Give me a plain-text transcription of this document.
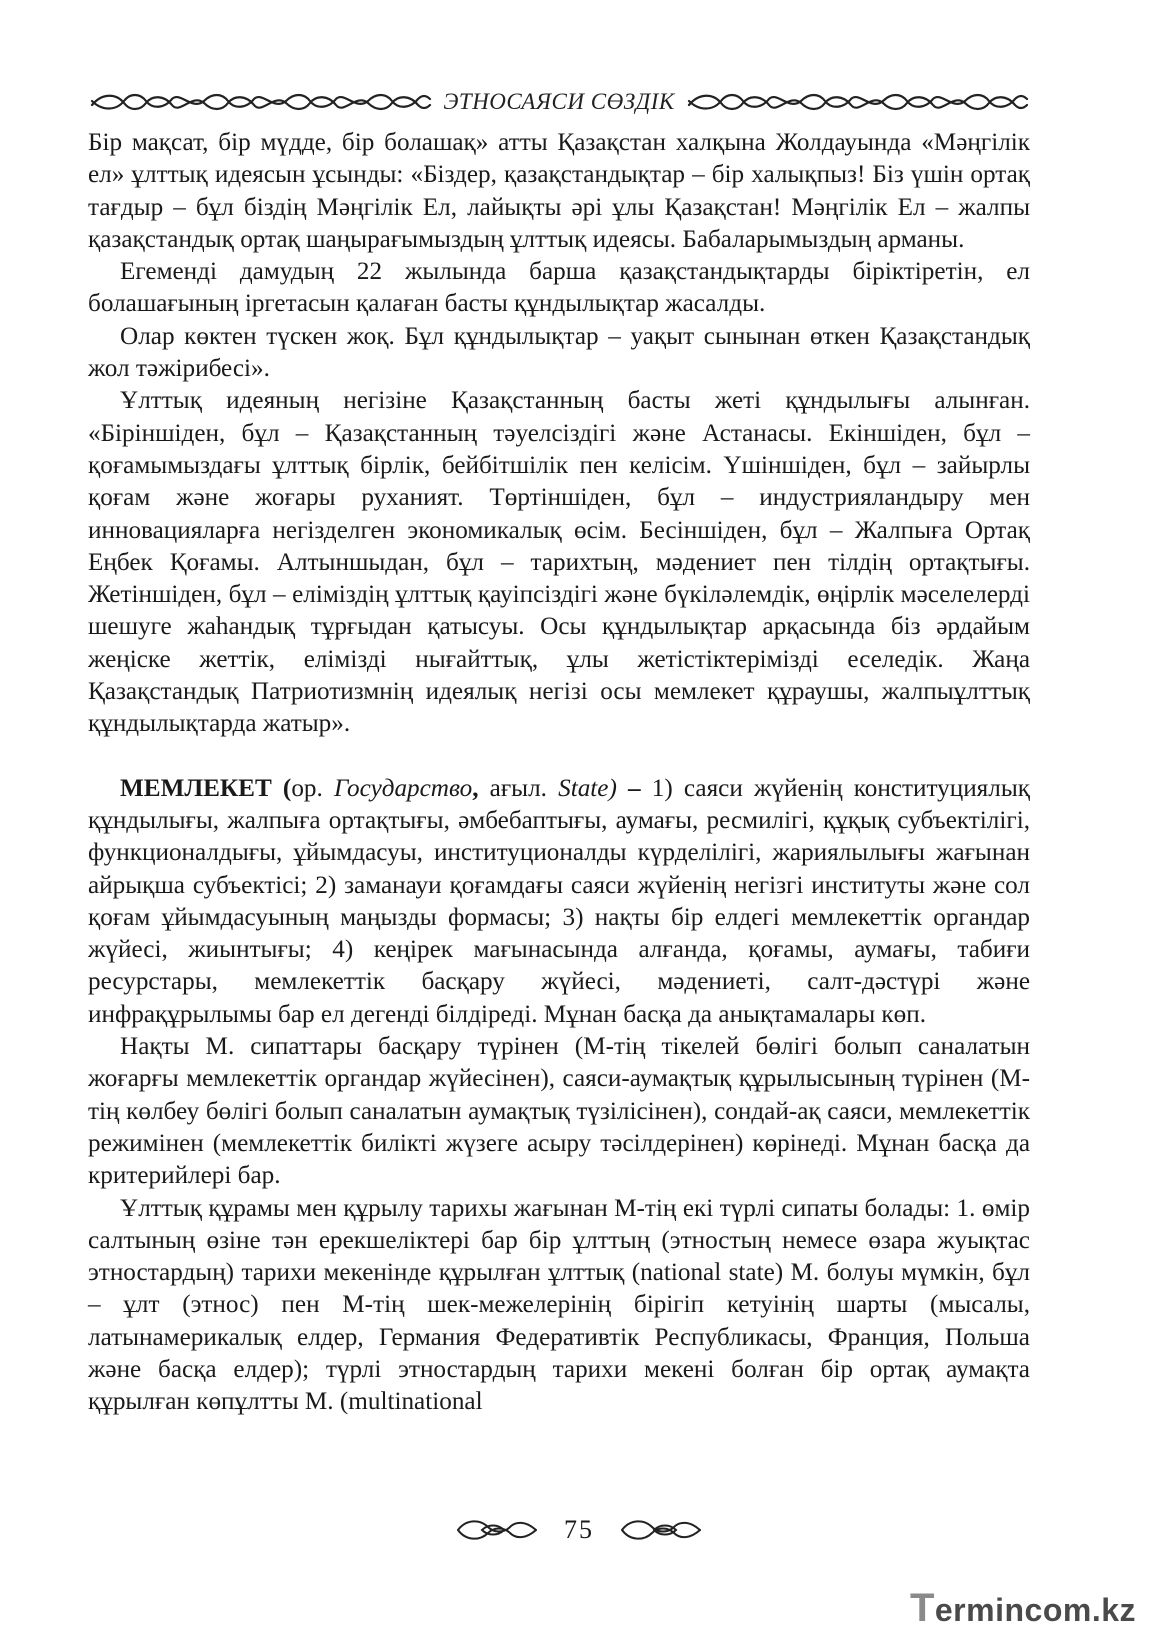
ЭТНОСАЯСИ СӨЗДІК

Бір мақсат, бір мүдде, бір болашақ» атты Қазақстан халқына Жолдауында «Мәңгілік ел» ұлттық идеясын ұсынды: «Біздер, қазақстандықтар – бір халықпыз! Біз үшін ортақ тағдыр – бұл біздің Мәңгілік Ел, лайықты әрі ұлы Қазақстан! Мәңгілік Ел – жалпы қазақстандық ортақ шаңырағымыздың ұлттық идеясы. Бабаларымыздың арманы.

Егеменді дамудың 22 жылында барша қазақстандықтарды біріктіретін, ел болашағының іргетасын қалаған басты құндылықтар жасалды.

Олар көктен түскен жоқ. Бұл құндылықтар – уақыт сынынан өткен Қазақстандық жол тәжірибесі».

Ұлттық идеяның негізіне Қазақстанның басты жеті құндылығы алынған. «Біріншіден, бұл – Қазақстанның тәуелсіздігі және Астанасы. Екіншіден, бұл – қоғамымыздағы ұлттық бірлік, бейбітшілік пен келісім. Үшіншіден, бұл – зайырлы қоғам және жоғары руханият. Төртіншіден, бұл – индустрияландыру мен инновацияларға негізделген экономикалық өсім. Бесіншіден, бұл – Жалпыға Ортақ Еңбек Қоғамы. Алтыншыдан, бұл – тарихтың, мәдениет пен тілдің ортақтығы. Жетіншіден, бұл – еліміздің ұлттық қауіпсіздігі және бүкіләлемдік, өңірлік мәселелерді шешуге жаһандық тұрғыдан қатысуы. Осы құндылықтар арқасында біз әрдайым жеңіске жеттік, елімізді нығайттық, ұлы жетістіктерімізді еселедік. Жаңа Қазақстандық Патриотизмнің идеялық негізі осы мемлекет құраушы, жалпыұлттық құндылықтарда жатыр».

МЕМЛЕКЕТ (ор. Государство, ағыл. State) – 1) саяси жүйенің конституциялық құндылығы, жалпыға ортақтығы, әмбебаптығы, аумағы, ресмилігі, құқық субъектілігі, функционалдығы, ұйымдасуы, институционалды күрделілігі, жариялылығы жағынан айрықша субъектісі; 2) заманауи қоғамдағы саяси жүйенің негізгі институты және сол қоғам ұйымдасуының маңызды формасы; 3) нақты бір елдегі мемлекеттік органдар жүйесі, жиынтығы; 4) кеңірек мағынасында алғанда, қоғамы, аумағы, табиғи ресурстары, мемлекеттік басқару жүйесі, мәдениеті, салт-дәстүрі және инфрақұрылымы бар ел дегенді білдіреді. Мұнан басқа да анықтамалары көп.

Нақты М. сипаттары басқару түрінен (М-тің тікелей бөлігі болып саналатын жоғарғы мемлекеттік органдар жүйесінен), саяси-аумақтық құрылысының түрінен (М-тің көлбеу бөлігі болып саналатын аумақтық түзілісінен), сондай-ақ саяси, мемлекеттік режимінен (мемлекеттік билікті жүзеге асыру тәсілдерінен) көрінеді. Мұнан басқа да критерийлері бар.

Ұлттық құрамы мен құрылу тарихы жағынан М-тің екі түрлі сипаты болады: 1. өмір салтының өзіне тән ерекшеліктері бар бір ұлттың (этностың немесе өзара жуықтас этностардың) тарихи мекенінде құрылған ұлттық (national state) М. болуы мүмкін, бұл – ұлт (этнос) пен М-тің шек-межелерінің бірігіп кетуінің шарты (мысалы, латынамерикалық елдер, Германия Федеративтік Республикасы, Франция, Польша және басқа елдер); түрлі этностардың тарихи мекені болған бір ортақ аумақта құрылған көпұлтты М. (multinational

75
Termincom.kz
